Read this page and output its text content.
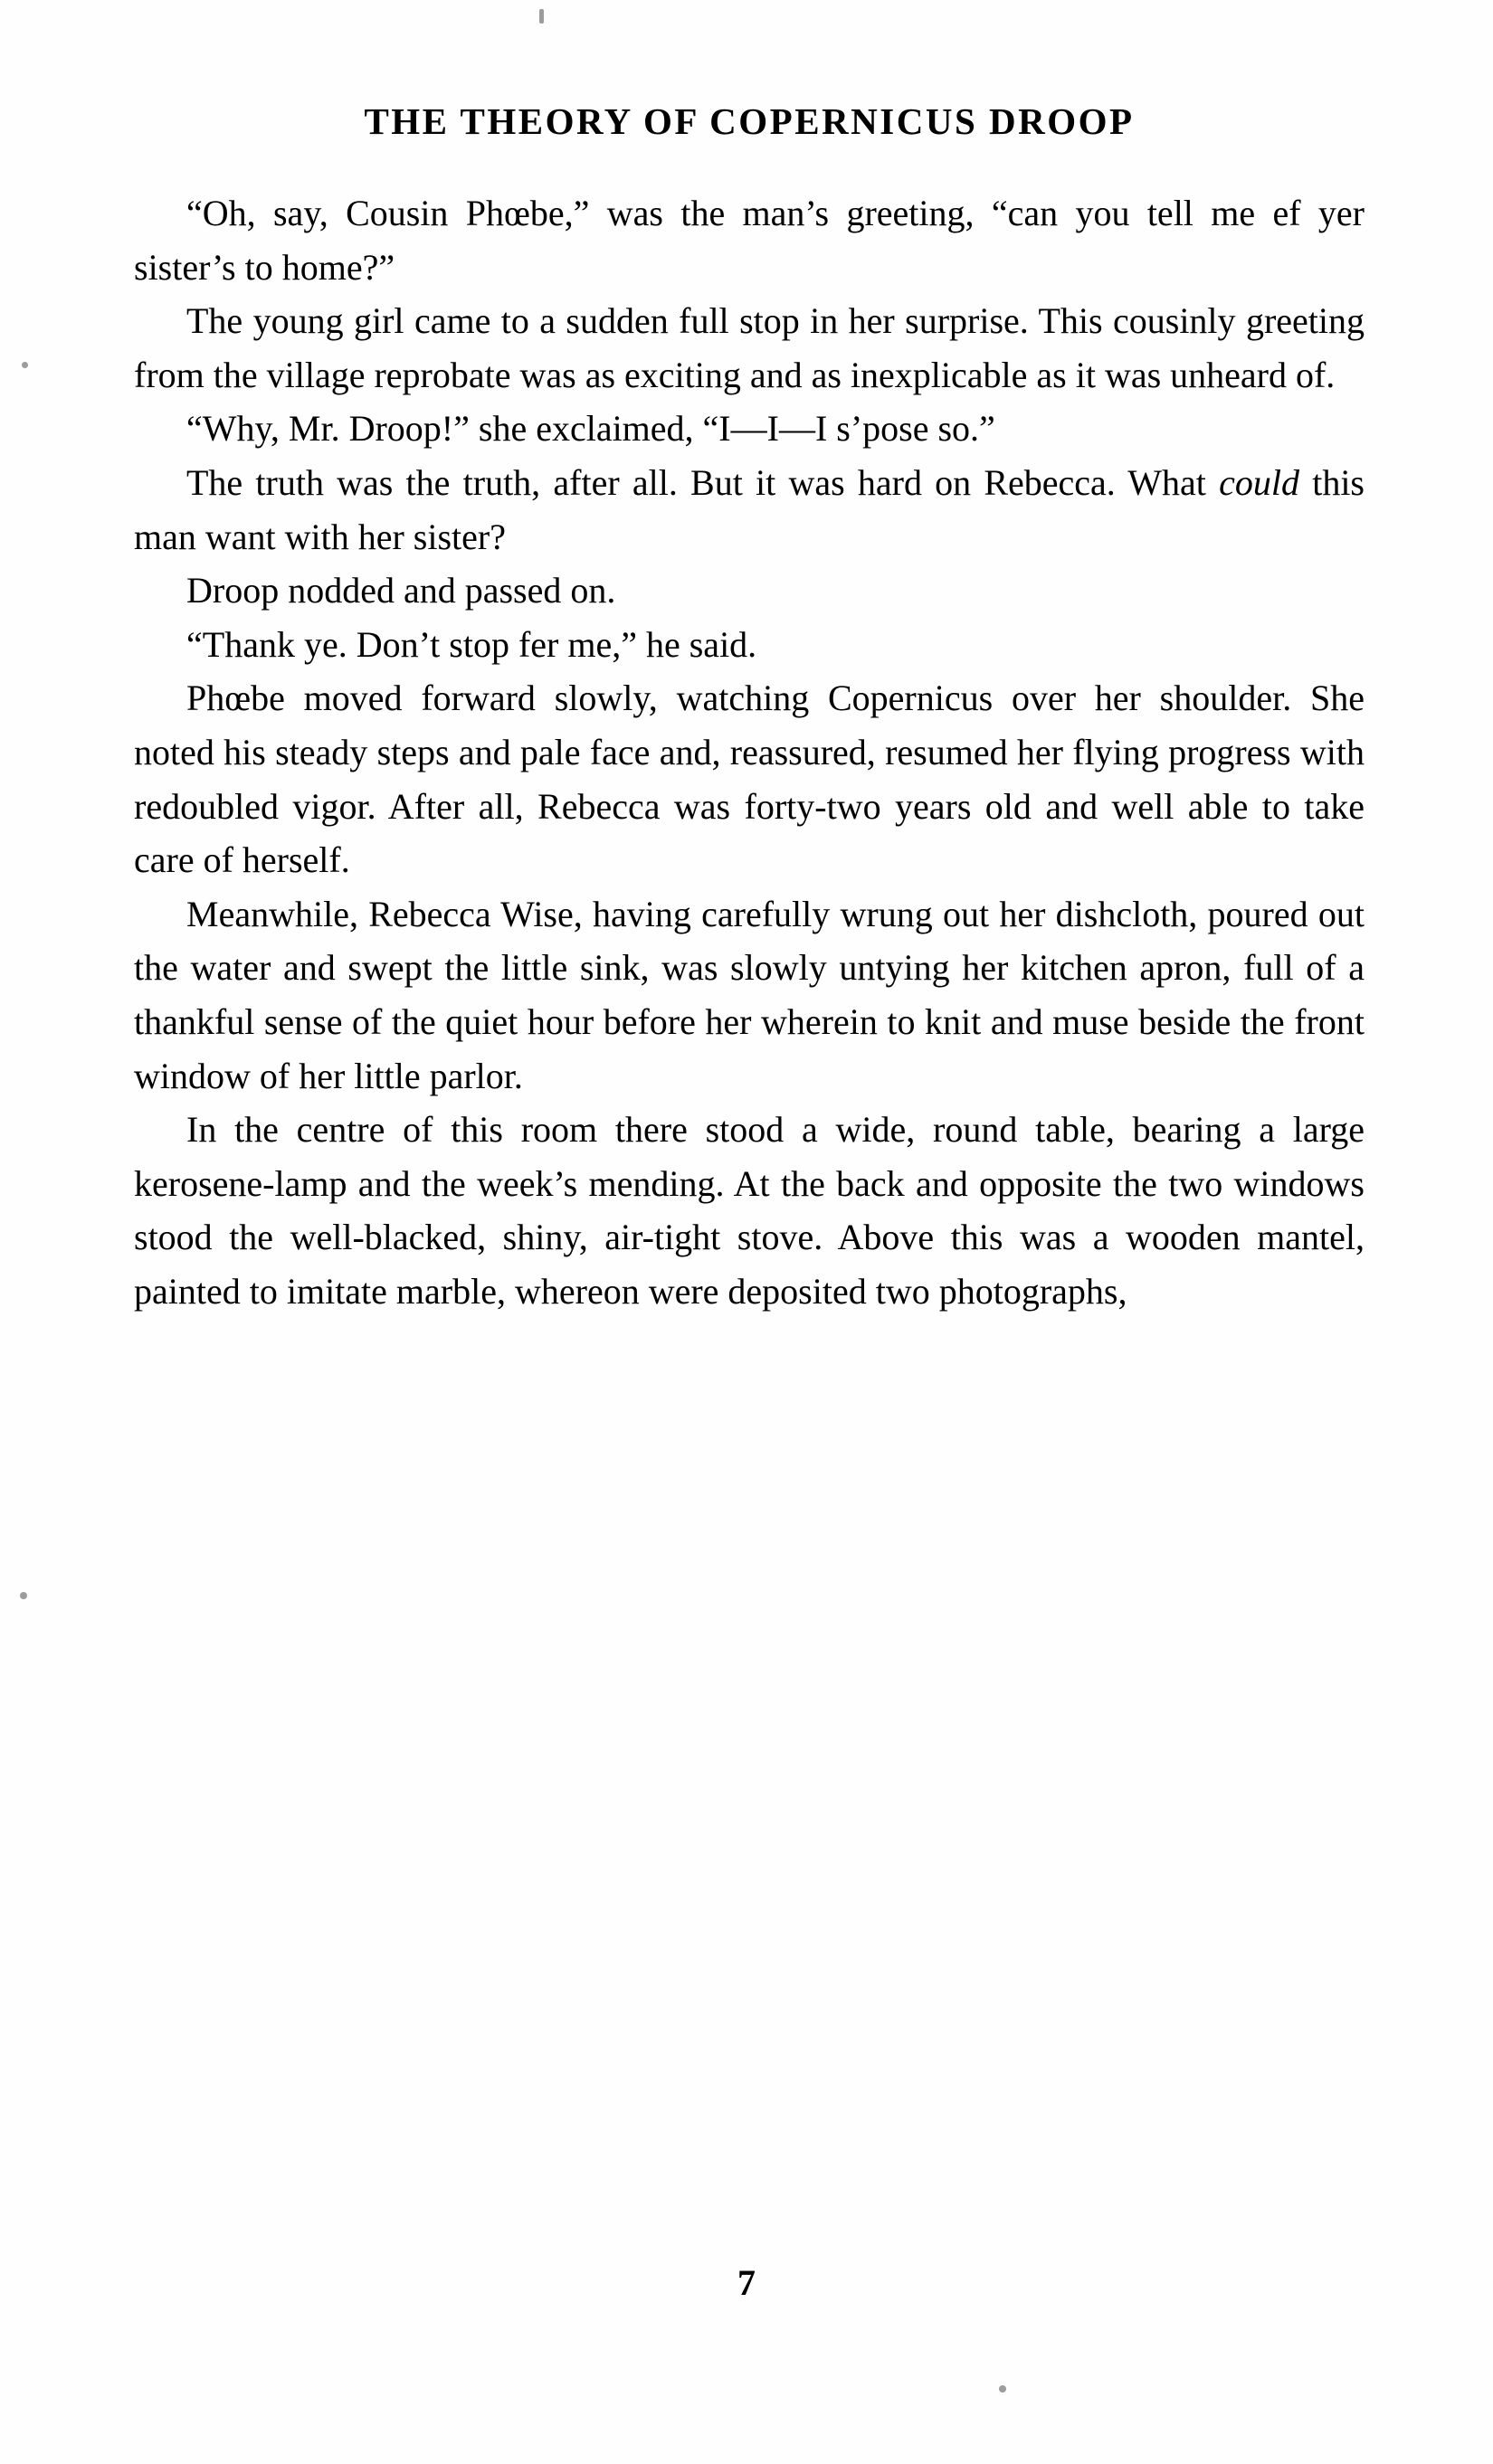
THE THEORY OF COPERNICUS DROOP

“Oh, say, Cousin Phœbe,” was the man’s greeting, “can you tell me ef yer sister’s to home?”

The young girl came to a sudden full stop in her surprise. This cousinly greeting from the village reprobate was as exciting and as inexplicable as it was unheard of.

“Why, Mr. Droop!” she exclaimed, “I—I—I s’pose so.”

The truth was the truth, after all. But it was hard on Rebecca. What could this man want with her sister?

Droop nodded and passed on.

“Thank ye. Don’t stop fer me,” he said.

Phœbe moved forward slowly, watching Copernicus over her shoulder. She noted his steady steps and pale face and, reassured, resumed her flying progress with redoubled vigor. After all, Rebecca was forty-two years old and well able to take care of herself.

Meanwhile, Rebecca Wise, having carefully wrung out her dishcloth, poured out the water and swept the little sink, was slowly untying her kitchen apron, full of a thankful sense of the quiet hour before her wherein to knit and muse beside the front window of her little parlor.

In the centre of this room there stood a wide, round table, bearing a large kerosene-lamp and the week’s mending. At the back and opposite the two windows stood the well-blacked, shiny, air-tight stove. Above this was a wooden mantel, painted to imitate marble, whereon were deposited two photographs,

7
